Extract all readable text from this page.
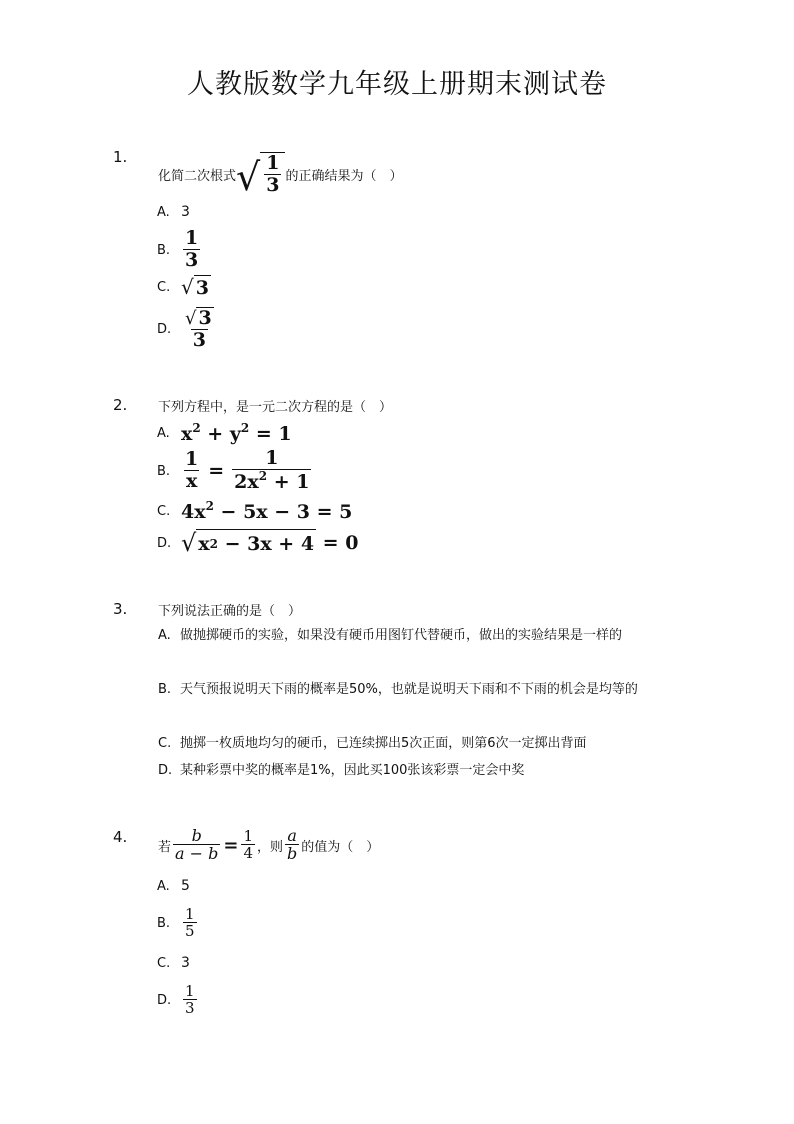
人教版数学九年级上册期末测试卷
1.
化简二次根式 √ $\frac{1}{3}$ 的正确结果为（　）
A. 3
B. $\frac{1}{3}$
C. √ 3
D. $\frac{√ 3}{3}$
2. 下列方程中，是一元二次方程的是（　）
A. $x^2 + y^2 = 1$
B. $\frac{1}{x} = \frac{1}{2x^2 + 1}$
C. $4x^2 - 5x - 3 = 5$
D. √ x 2 − 3x + 4 = 0
3. 下列说法正确的是（　）
A. 做抛掷硬币的实验，如果没有硬币用图钉代替硬币，做出的实验结果是一样的
B. 天气预报说明天下雨的概率是50%，也就是说明天下雨和不下雨的机会是均等的
C. 抛掷一枚质地均匀的硬币，已连续掷出5次正面，则第6次一定掷出背面
D. 某种彩票中奖的概率是1%，因此买100张该彩票一定会中奖
4.
若 $\frac{b}{a - b} = \frac{1}{4}$ ，则 $\frac{a}{b}$ 的值为（　）
A. 5
B. $\frac{1}{5}$
C. 3
D. $\frac{1}{3}$
